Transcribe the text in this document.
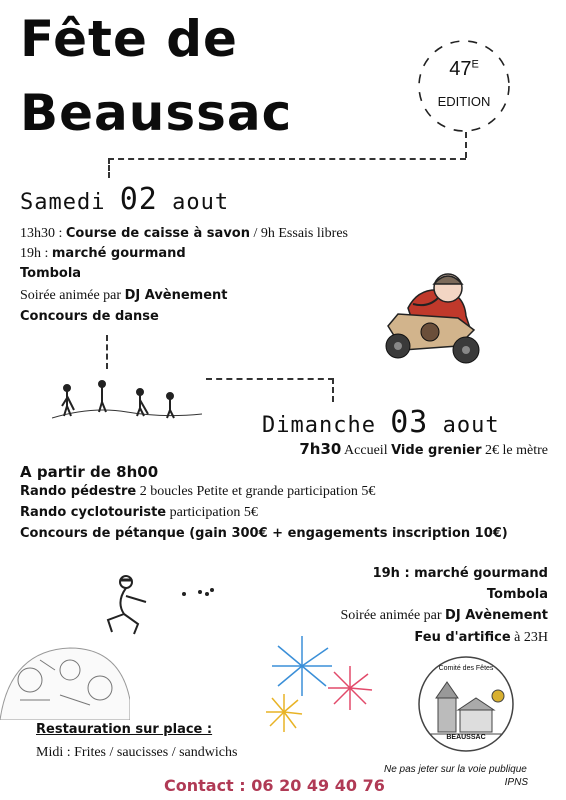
Fête de
Beaussac
$47^E$
EDITION
Samedi 02 aout
13h30 : Course de caisse à savon / 9h Essais libres
19h : marché gourmand
Tombola
Soirée animée par DJ Avènement
Concours de danse
Dimanche 03 aout
7h30 Accueil Vide grenier 2€ le mètre
A partir de 8h00
Rando pédestre 2 boucles Petite et grande participation 5€
Rando cyclotouriste participation 5€
Concours de pétanque (gain 300€ + engagements inscription 10€)
19h : marché gourmand
Tombola
Soirée animée par DJ Avènement
Feu d'artifice à 23H
Comité des Fêtes
BEAUSSAC
Restauration sur place :
Midi : Frites / saucisses / sandwichs
Contact : 06 20 49 40 76
Ne pas jeter sur la voie publique
IPNS
